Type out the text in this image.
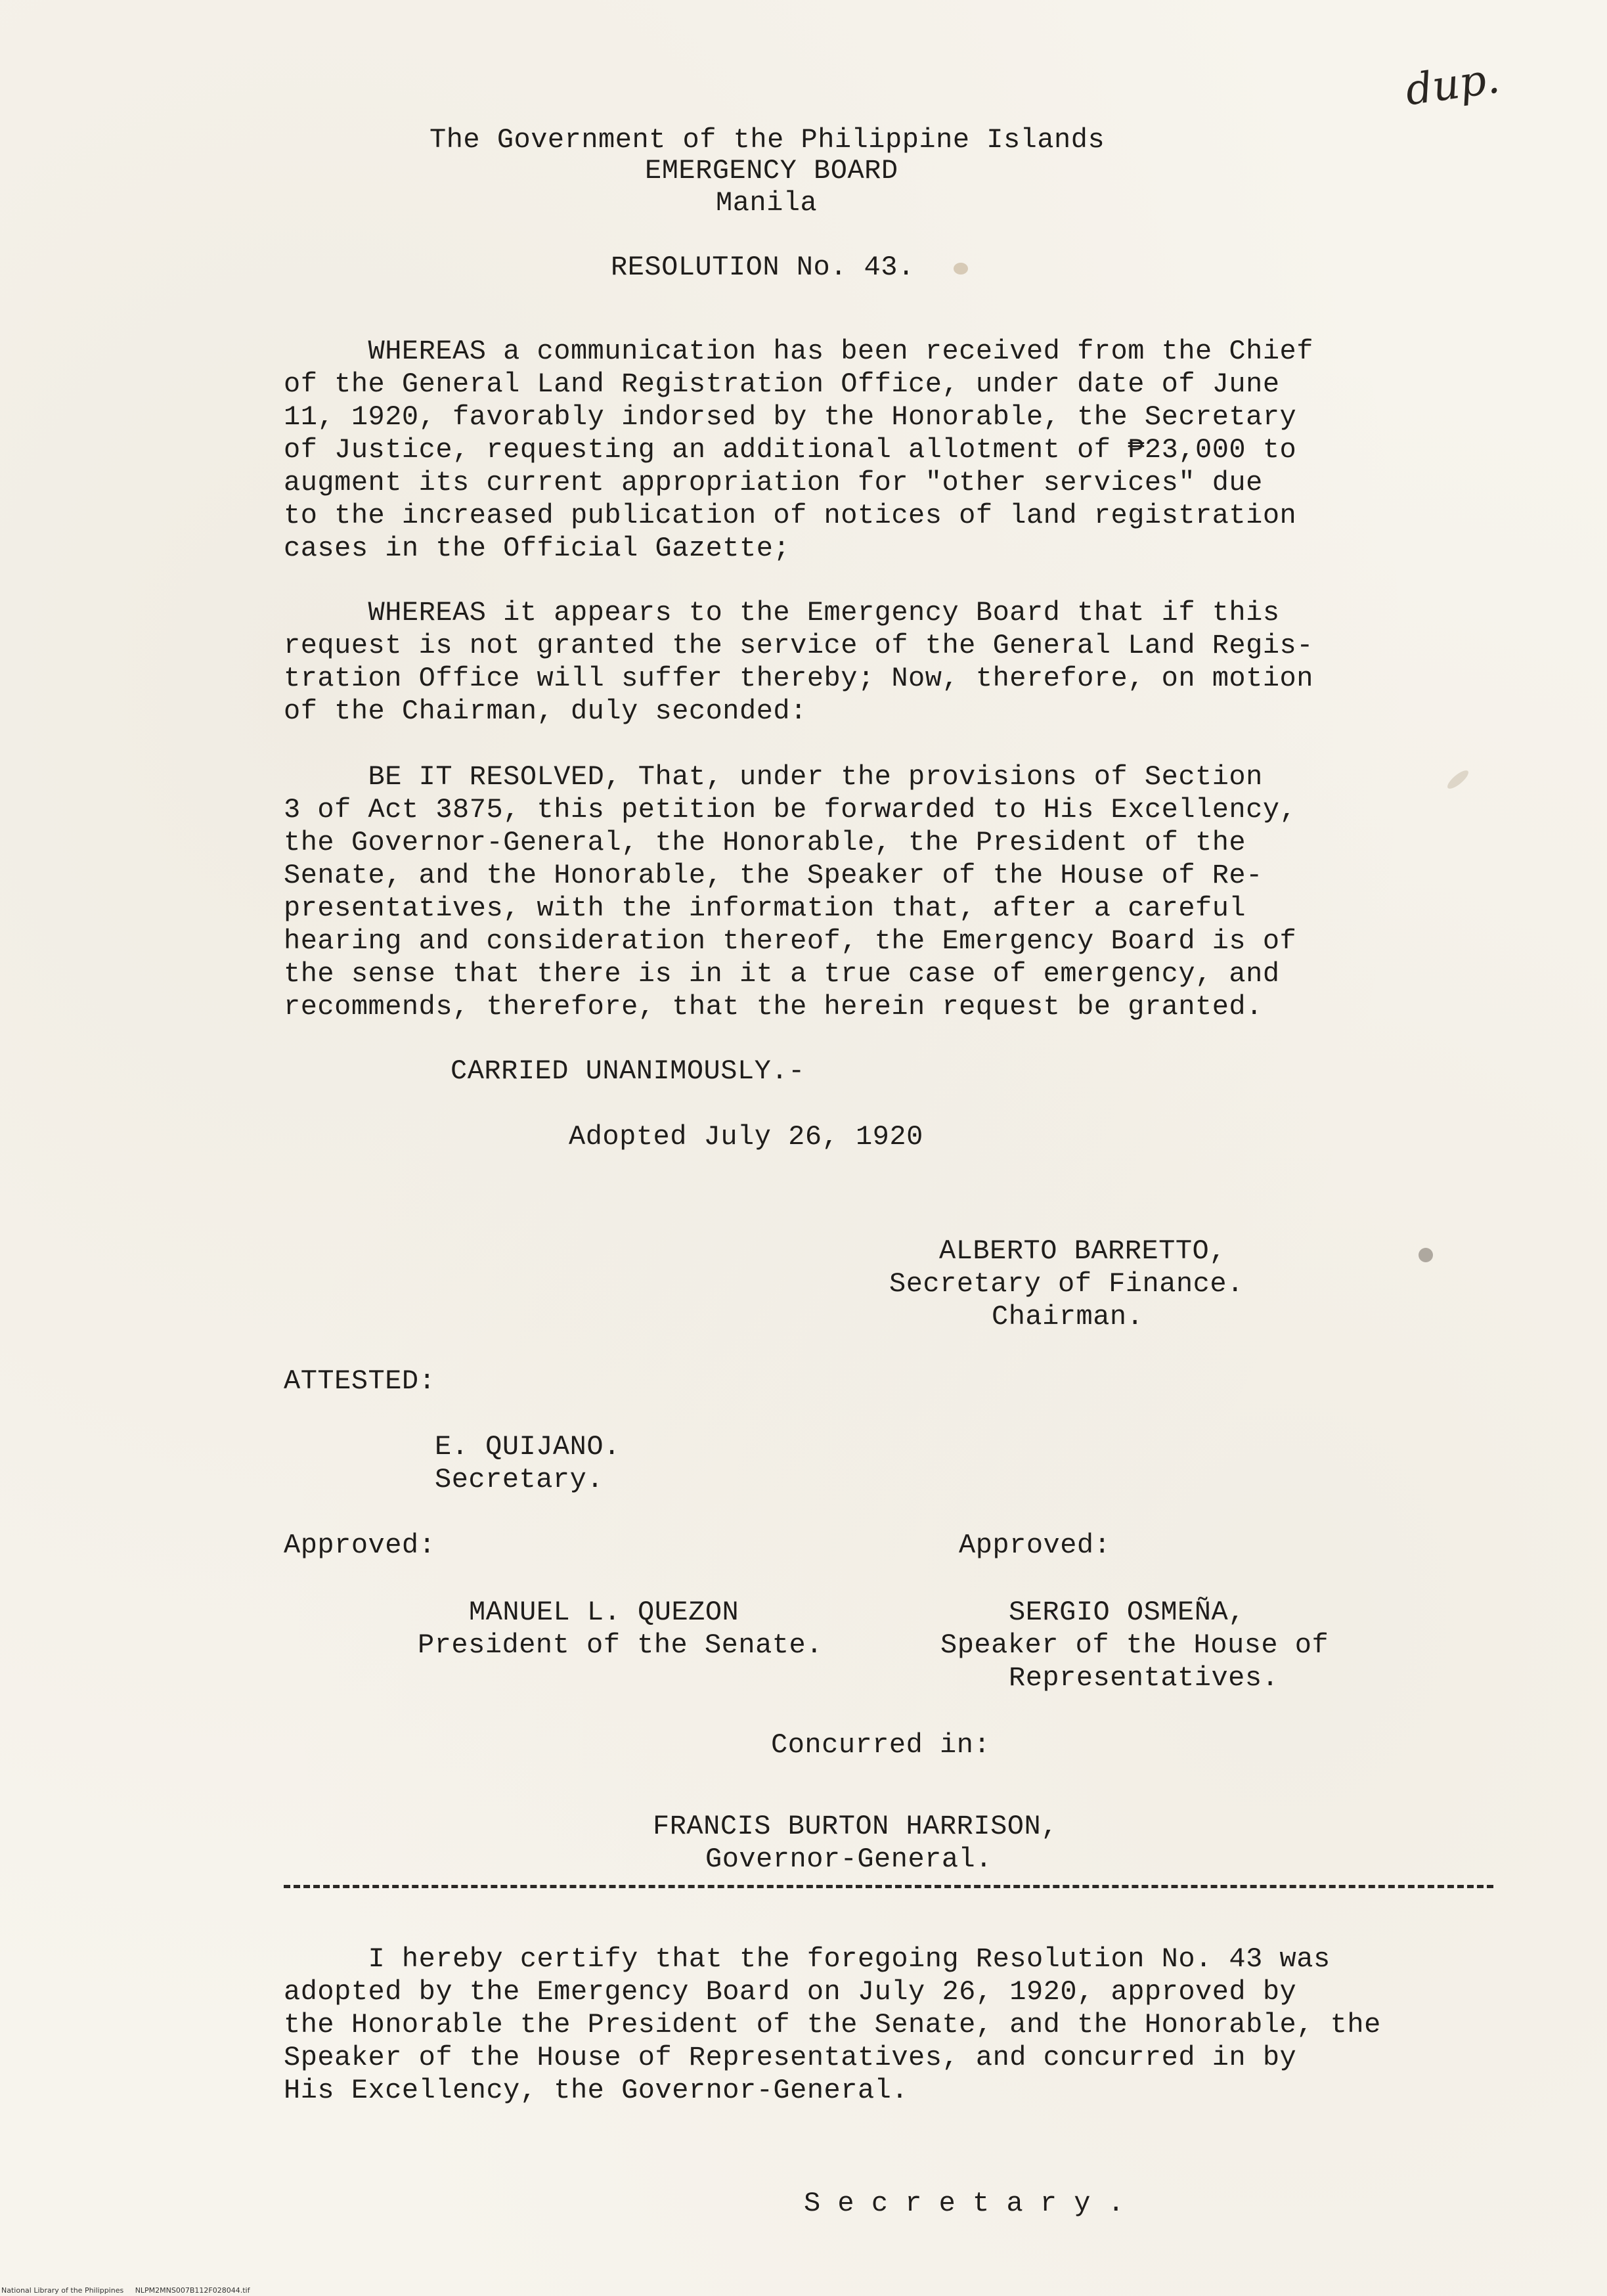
dup.
The Government of the Philippine Islands
EMERGENCY BOARD
Manila
RESOLUTION No. 43.
WHEREAS a communication has been received from the Chief
of the General Land Registration Office, under date of June
11, 1920, favorably indorsed by the Honorable, the Secretary
of Justice, requesting an additional allotment of ₱23,000 to
augment its current appropriation for "other services" due
to the increased publication of notices of land registration
cases in the Official Gazette;
WHEREAS it appears to the Emergency Board that if this
request is not granted the service of the General Land Regis-
tration Office will suffer thereby; Now, therefore, on motion
of the Chairman, duly seconded:
BE IT RESOLVED, That, under the provisions of Section
3 of Act 3875, this petition be forwarded to His Excellency,
the Governor-General, the Honorable, the President of the
Senate, and the Honorable, the Speaker of the House of Re-
presentatives, with the information that, after a careful
hearing and consideration thereof, the Emergency Board is of
the sense that there is in it a true case of emergency, and
recommends, therefore, that the herein request be granted.
CARRIED UNANIMOUSLY.-
Adopted July 26, 1920
ALBERTO BARRETTO,
Secretary of Finance.
Chairman.
ATTESTED:
E. QUIJANO.
Secretary.
Approved:	Approved:
MANUEL L. QUEZON
President of the Senate.
SERGIO OSMEÑA,
Speaker of the House of
Representatives.
Concurred in:
FRANCIS BURTON HARRISON,
Governor-General.
I hereby certify that the foregoing Resolution No. 43 was
adopted by the Emergency Board on July 26, 1920, approved by
the Honorable the President of the Senate, and the Honorable, the
Speaker of the House of Representatives, and concurred in by
His Excellency, the Governor-General.
S e c r e t a r y .
National Library of the Philippines     NLPM2MNS007B112F028044.tif
